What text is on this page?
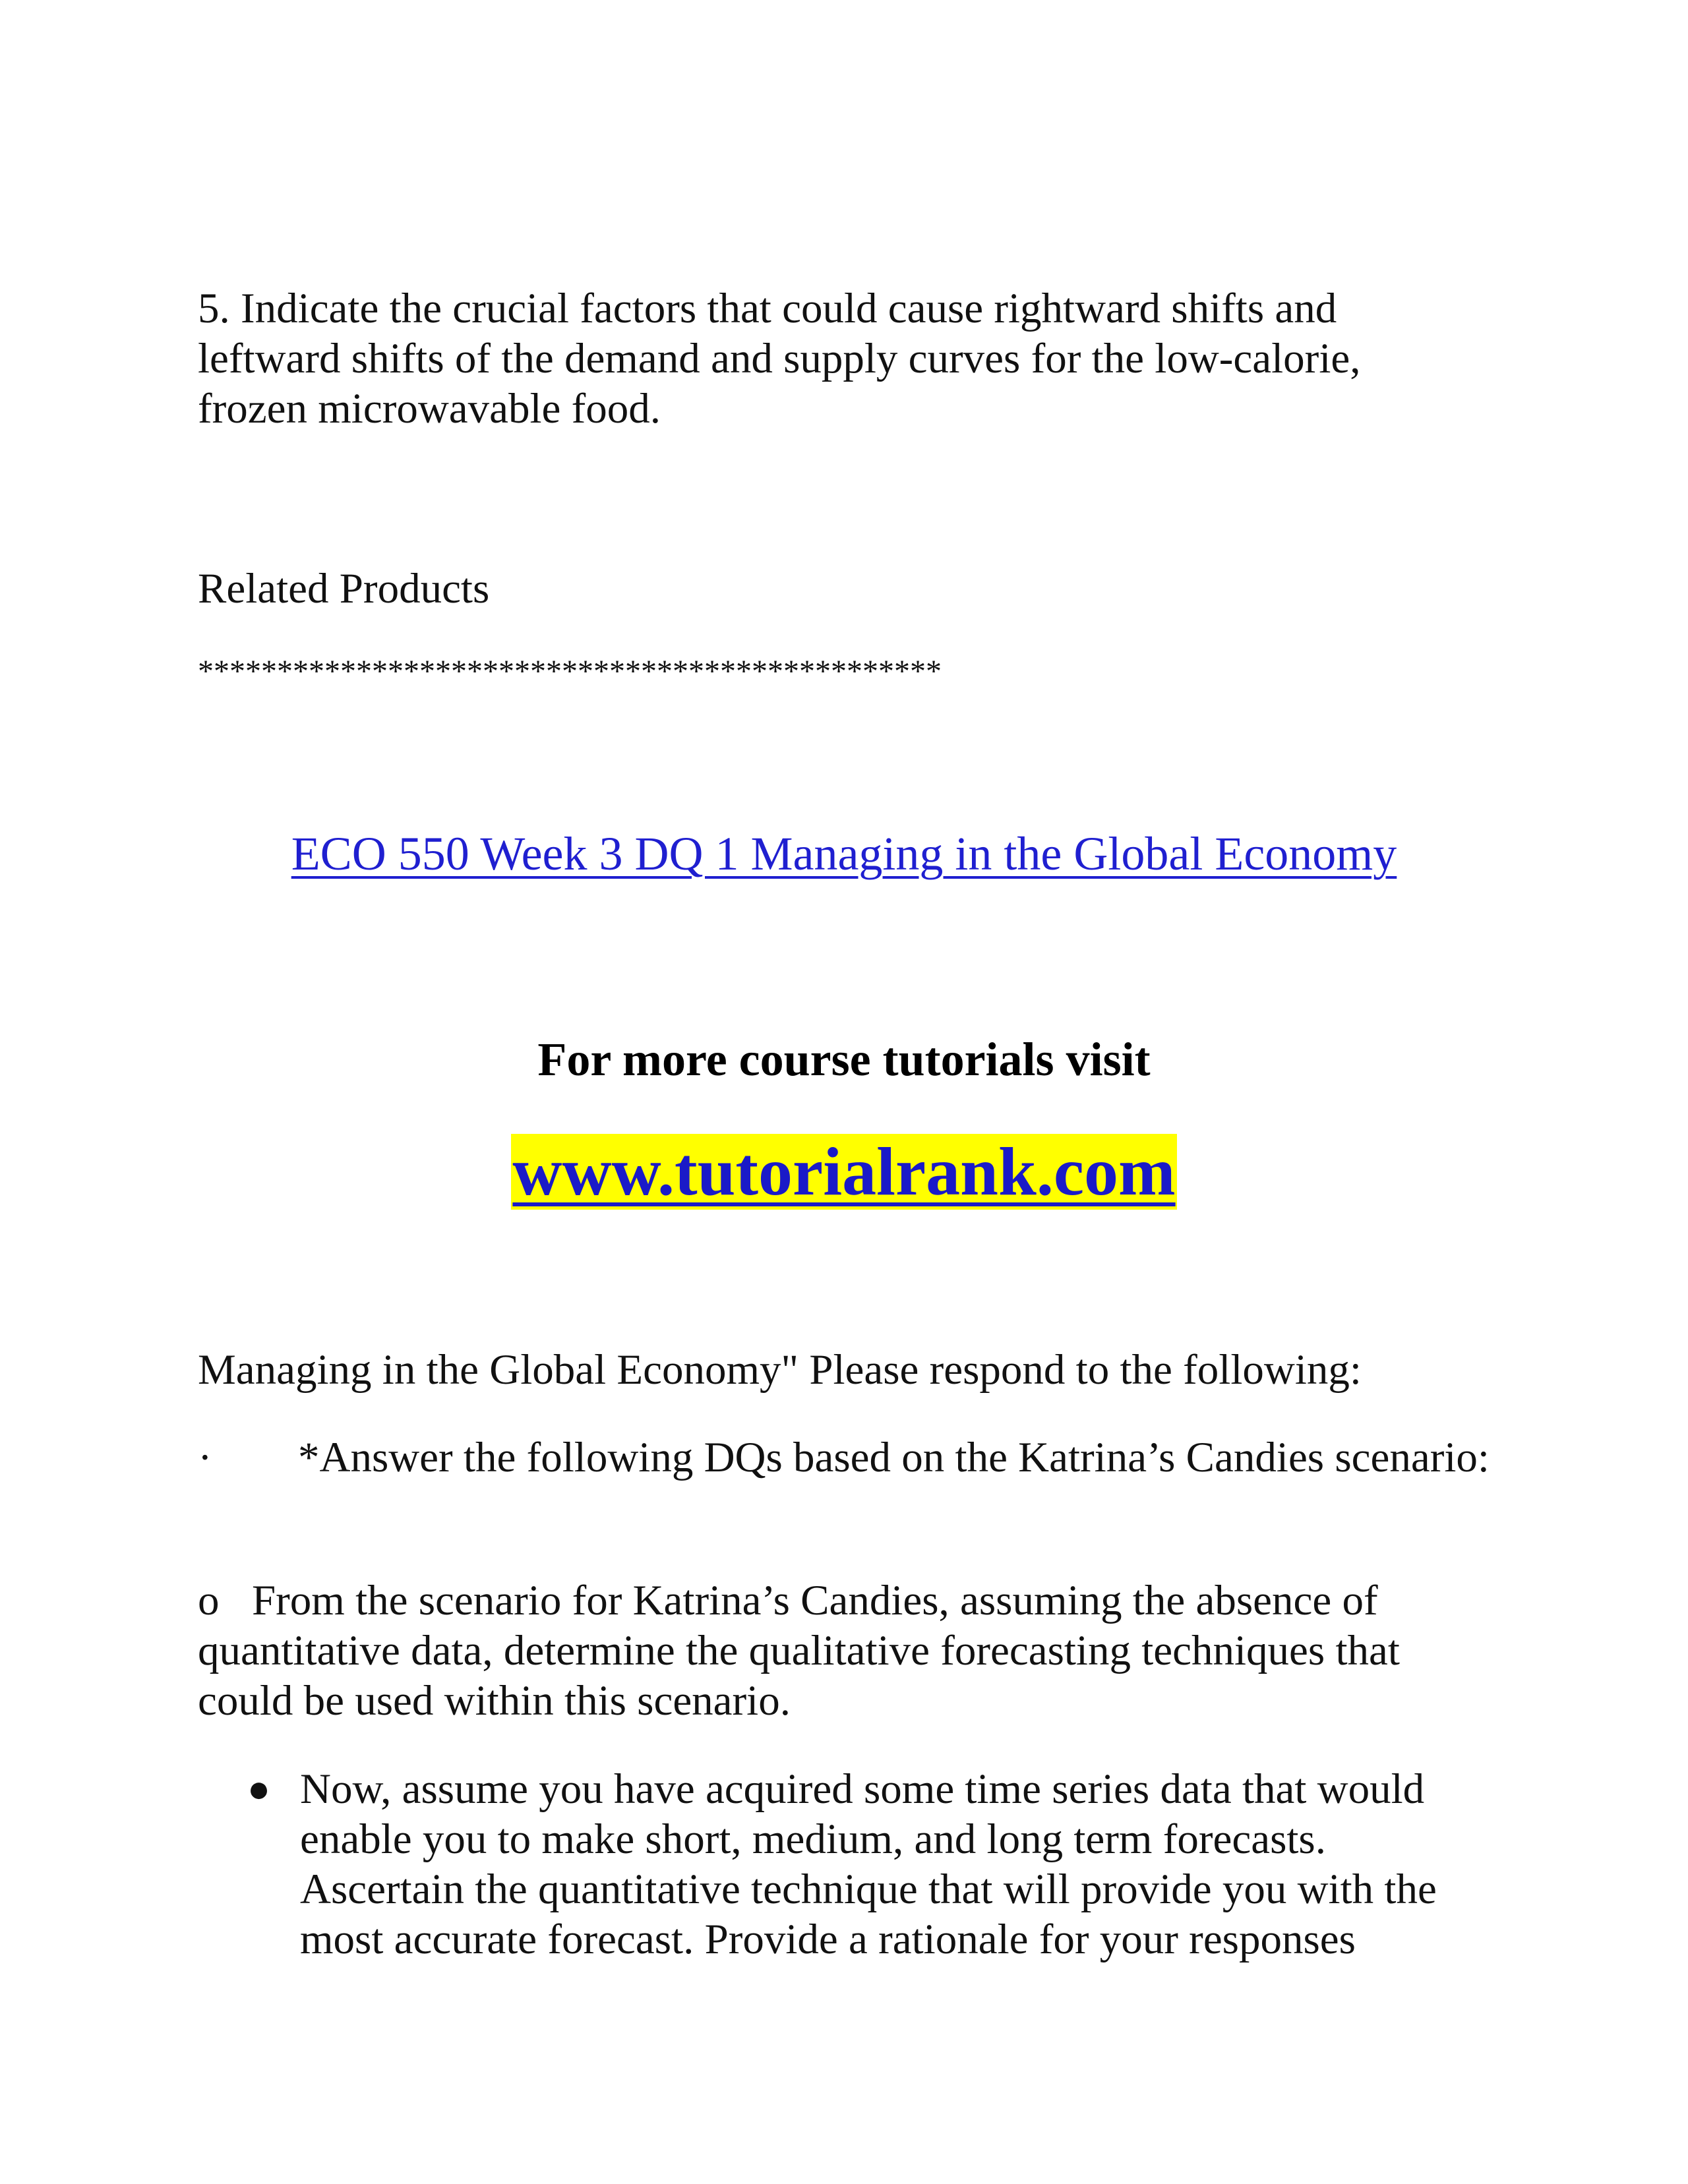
5. Indicate the crucial factors that could cause rightward shifts and leftward shifts of the demand and supply curves for the low-calorie, frozen microwavable food.

Related Products

***********************************************

ECO 550 Week 3 DQ 1 Managing in the Global Economy

For more course tutorials visit

www.tutorialrank.com

Managing in the Global Economy" Please respond to the following:

· *Answer the following DQs based on the Katrina’s Candies scenario:

o From the scenario for Katrina’s Candies, assuming the absence of quantitative data, determine the qualitative forecasting techniques that could be used within this scenario.

● Now, assume you have acquired some time series data that would enable you to make short, medium, and long term forecasts. Ascertain the quantitative technique that will provide you with the most accurate forecast. Provide a rationale for your responses
